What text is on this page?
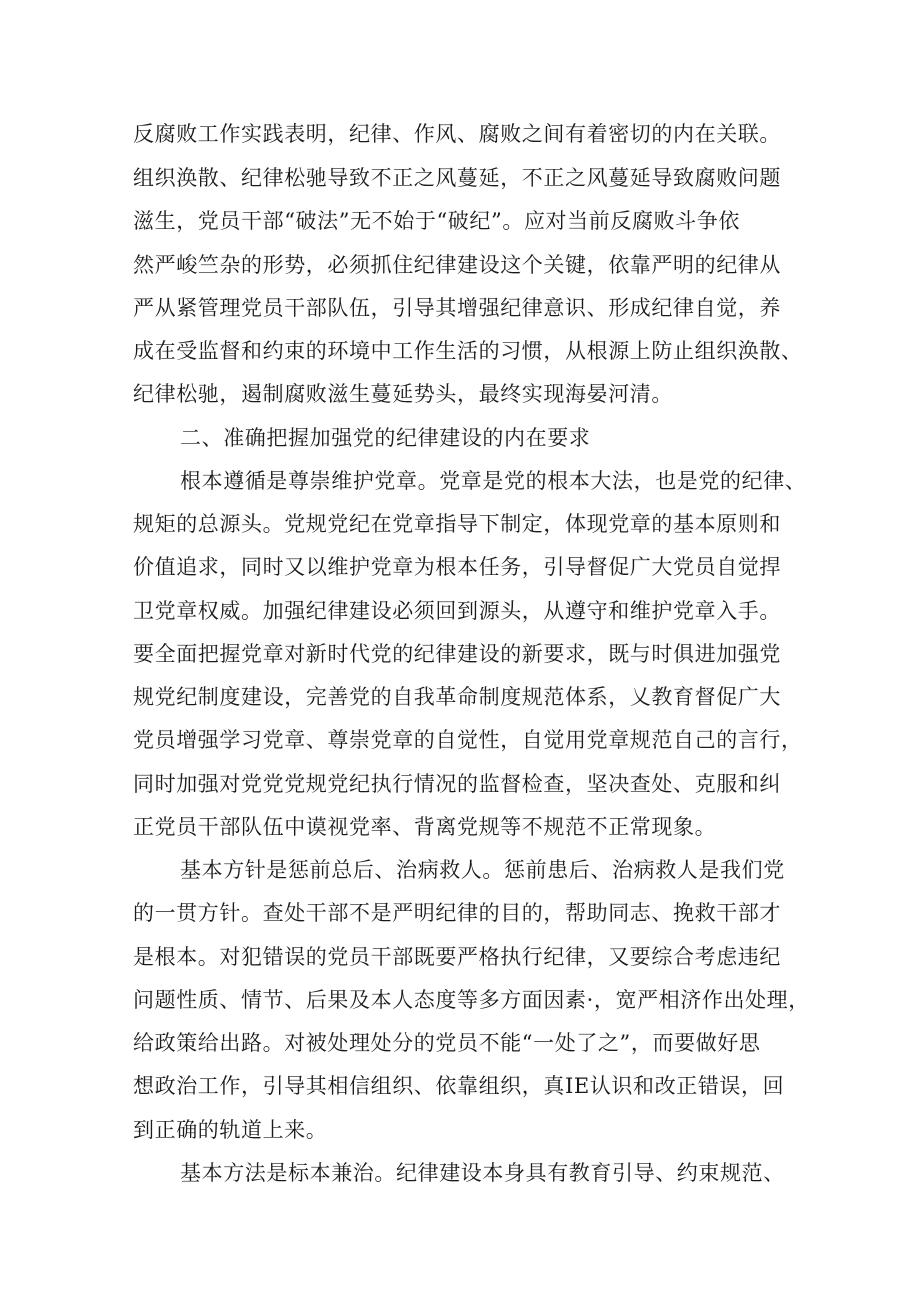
反腐败工作实践表明，纪律、作风、腐败之间有着密切的内在关联。
组织涣散、纪律松驰导致不正之风蔓延，不正之风蔓延导致腐败问题
滋生，党员干部“破法”无不始于“破纪”。应对当前反腐败斗争依
然严峻竺杂的形势，必须抓住纪律建设这个关键，依靠严明的纪律从
严从紧管理党员干部队伍，引导其增强纪律意识、形成纪律自觉，养
成在受监督和约束的环境中工作生活的习惯，从根源上防止组织涣散、
纪律松驰，遏制腐败滋生蔓延势头，最终实现海晏河清。
二、准确把握加强党的纪律建设的内在要求
根本遵循是尊崇维护党章。党章是党的根本大法，也是党的纪律、
规矩的总源头。党规党纪在党章指导下制定，体现党章的基本原则和
价值追求，同时又以维护党章为根本任务，引导督促广大党员自觉捍
卫党章权威。加强纪律建设必须回到源头，从遵守和维护党章入手。
要全面把握党章对新时代党的纪律建设的新要求，既与时俱进加强党
规党纪制度建设，完善党的自我革命制度规范体系，乂教育督促广大
党员增强学习党章、尊崇党章的自觉性，自觉用党章规范自己的言行，
同时加强对党党党规党纪执行情况的监督检查，坚决查处、克服和纠
正党员干部队伍中谟视党率、背离党规等不规范不正常现象。
基本方针是惩前总后、治病救人。惩前患后、治病救人是我们党
的一贯方针。查处干部不是严明纪律的目的，帮助同志、挽救干部才
是根本。对犯错误的党员干部既要严格执行纪律，又要综合考虑违纪
问题性质、情节、后果及本人态度等多方面因素·，宽严相济作出处理，
给政策给出路。对被处理处分的党员不能“一处了之”，而要做好思
想政治工作，引导其相信组织、依靠组织，真IE认识和改正错误，回
到正确的轨道上来。
基本方法是标本兼治。纪律建设本身具有教育引导、约束规范、
